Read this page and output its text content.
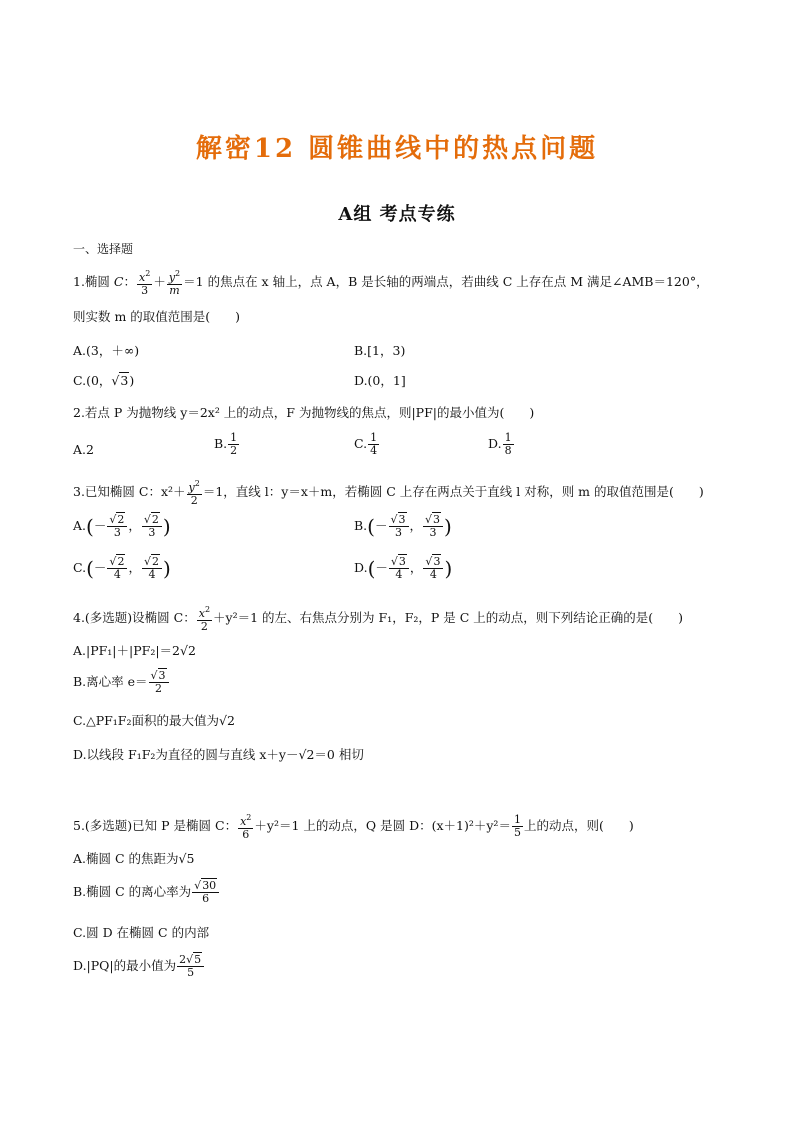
解密12 圆锥曲线中的热点问题
A组 考点专练
一、选择题
1.椭圆 C： $\frac{x^2}{3} + \frac{y^2}{m} =1$ 的焦点在 x 轴上，点 A，B 是长轴的两端点，若曲线 C 上存在点 M 满足∠AMB＝120°，
则实数 m 的取值范围是(　　)
A.(3，＋∞)	B.[1，3)
C.(0，√3)	D.(0，1]
2.若点 P 为抛物线 y＝2x² 上的动点，F 为抛物线的焦点，则|PF|的最小值为(　　)
A.2	B. $\frac{1}{2}$	C. $\frac{1}{4}$	D. $\frac{1}{8}$
3.已知椭圆 C：$x^2+ \frac{y^2}{2} =1$，直线 l：y＝x＋m，若椭圆 C 上存在两点关于直线 l 对称，则 m 的取值范围是(　　)
$A.(- \frac{√2}{3}$ ， $\frac{√2}{3}$ )	$B.(- \frac{√3}{3}$ ， $\frac{√3}{3}$ )
$C.(- \frac{√2}{4}$ ， $\frac{√2}{4}$ )	$D.(- \frac{√3}{4}$ ， $\frac{√3}{4}$ )
4.(多选题)设椭圆 C： $\frac{x^2}{2} +y^2=1$ 的左、右焦点分别为 F₁，F₂，P 是 C 上的动点，则下列结论正确的是(　　)
A.|PF₁|＋|PF₂|＝2√2
B.离心率 $e= \frac{√3}{2}$
C.△PF₁F₂面积的最大值为√2
D.以线段 F₁F₂为直径的圆与直线 x＋y－√2＝0 相切
5.(多选题)已知 P 是椭圆 C： $\frac{x^2}{6} +y^2=1$ 上的动点，Q 是圆 D：$(x+1)^2+y^2= \frac{1}{5}$ 上的动点，则(　　)
A.椭圆 C 的焦距为√5
B.椭圆 C 的离心率为 $\frac{√30}{6}$
C.圆 D 在椭圆 C 的内部
D.|PQ|的最小值为 $\frac{2√5}{5}$
